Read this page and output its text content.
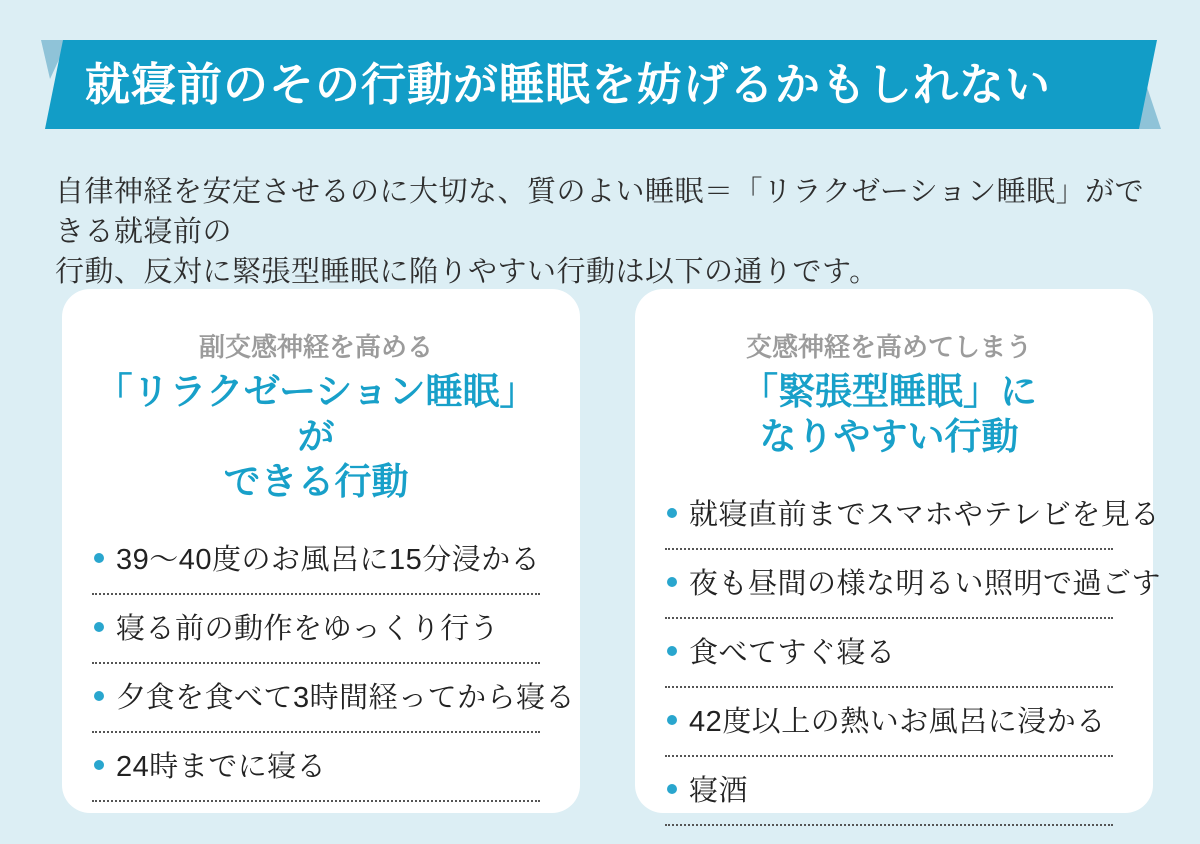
就寝前のその行動が睡眠を妨げるかもしれない

自律神経を安定させるのに大切な、質のよい睡眠＝「リラクゼーション睡眠」ができる就寝前の
行動、反対に緊張型睡眠に陥りやすい行動は以下の通りです。

副交感神経を高める

「リラクゼーション睡眠」が
できる行動
39～40度のお風呂に15分浸かる
寝る前の動作をゆっくり行う
夕食を食べて3時間経ってから寝る
24時までに寝る

交感神経を高めてしまう

「緊張型睡眠」に
なりやすい行動
就寝直前までスマホやテレビを見る
夜も昼間の様な明るい照明で過ごす
食べてすぐ寝る
42度以上の熱いお風呂に浸かる
寝酒
